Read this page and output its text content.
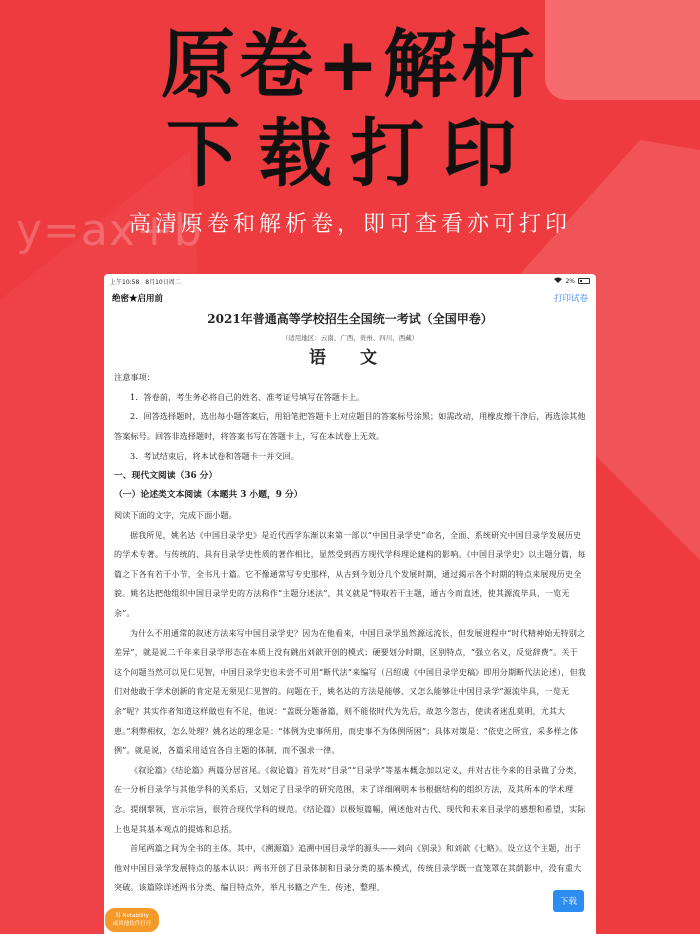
y=ax+b
原卷+解析
下载打印
高清原卷和解析卷，即可查看亦可打印
上午10:58　8月10日周二	2%
绝密★启用前	打印试卷
2021年普通高等学校招生全国统一考试（全国甲卷）
（适用地区：云南、广西、贵州、四川、西藏）
语 文
注意事项：
1．答卷前，考生务必将自己的姓名、准考证号填写在答题卡上。
2．回答选择题时，选出每小题答案后，用铅笔把答题卡上对应题目的答案标号涂黑；如需改动，用橡皮擦干净后，再选涂其他答案标号。回答非选择题时，将答案书写在答题卡上，写在本试卷上无效。
3．考试结束后，将本试卷和答题卡一并交回。
一、现代文阅读（36 分）
（一）论述类文本阅读（本题共 3 小题，9 分）
阅读下面的文字，完成下面小题。
据我所见，姚名达《中国目录学史》是近代西学东渐以来第一部以“中国目录学史”命名，全面、系统研究中国目录学发展历史的学术专著。与传统的、具有目录学史性质的著作相比，显然受到西方现代学科理论建构的影响。《中国目录学史》以主题分篇，每篇之下各有若干小节，全书凡十篇。它不像通常写专史那样，从古到今划分几个发展时期，通过揭示各个时期的特点来展现历史全貌。姚名达把他组织中国目录学史的方法称作“主题分述法”，其义就是“特取若干主题，通古今而直述，使其源流毕具，一览无余”。
为什么不用通常的叙述方法来写中国目录学史？因为在他看来，中国目录学虽然源远流长，但发展进程中“时代精神始无特别之差异”，就是说二千年来目录学形态在本质上没有跳出刘歆开创的模式；硬要划分时期，区别特点，“强立名义，反觉辞费”。关于这个问题当然可以见仁见智，中国目录学史也未尝不可用“断代法”来编写（吕绍虞《中国目录学史稿》即用分期断代法论述），但我们对他敢于学术创新的肯定是无须见仁见智的。问题在于，姚名达的方法是能够、又怎么能够让中国目录学“源流毕具，一览无余”呢？其实作者知道这样做也有不足，他说：“盖既分题备篇，则不能依时代为先后，故忽今忽古，使读者迷乱莫明，尤其大患。”利弊相权，怎么处理？姚名达的理念是：“体例为史事所用，而史事不为体例所困”；具体对策是：“依史之所宜，采多样之体例”。就是说，各篇采用适宜各自主题的体制，而不强求一律。
《叙论篇》《结论篇》两篇分居首尾。《叙论篇》首先对“目录”“目录学”等基本概念加以定义，并对古往今来的目录做了分类，在一分析目录学与其他学科的关系后，又划定了目录学的研究范围，末了详细阐明本书根据结构的组织方法，及其所本的学术理念。提纲挈领，宣示宗旨，很符合现代学科的规范。《结论篇》以极短篇幅，阐述他对古代、现代和未来目录学的感想和希望，实际上也是其基本观点的提炼和总括。
首尾两篇之间为全书的主体。其中，《溯源篇》追溯中国目录学的源头——刘向《别录》和刘歆《七略》。设立这个主题，出于他对中国目录学发展特点的基本认识：两书开创了目录体制和目录分类的基本模式，传统目录学既一直笼罩在其荫影中，没有重大突破。该篇除详述两书分类、编目特点外，举凡书籍之产生、传述、整理、
下载
用 Notability
或其他软件打开
